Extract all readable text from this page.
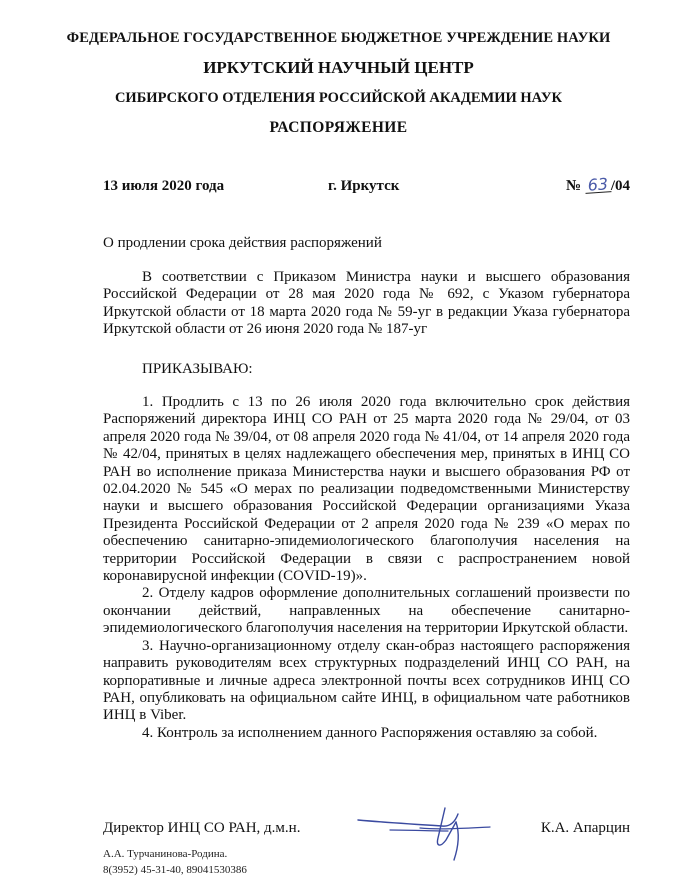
ФЕДЕРАЛЬНОЕ ГОСУДАРСТВЕННОЕ БЮДЖЕТНОЕ УЧРЕЖДЕНИЕ НАУКИ
ИРКУТСКИЙ НАУЧНЫЙ ЦЕНТР
СИБИРСКОГО ОТДЕЛЕНИЯ РОССИЙСКОЙ АКАДЕМИИ НАУК
РАСПОРЯЖЕНИЕ
13 июля 2020 года	г. Иркутск	№ 63 /04
О продлении срока действия распоряжений

В соответствии с Приказом Министра науки и высшего образования Российской Федерации от 28 мая 2020 года № 692, с Указом губернатора Иркутской области от 18 марта 2020 года № 59-уг в редакции Указа губернатора Иркутской области от 26 июня 2020 года № 187-уг

ПРИКАЗЫВАЮ:

1. Продлить с 13 по 26 июля 2020 года включительно срок действия Распоряжений директора ИНЦ СО РАН от 25 марта 2020 года № 29/04, от 03 апреля 2020 года № 39/04, от 08 апреля 2020 года № 41/04, от 14 апреля 2020 года № 42/04, принятых в целях надлежащего обеспечения мер, принятых в ИНЦ СО РАН во исполнение приказа Министерства науки и высшего образования РФ от 02.04.2020 № 545 «О мерах по реализации подведомственными Министерству науки и высшего образования Российской Федерации организациями Указа Президента Российской Федерации от 2 апреля 2020 года № 239 «О мерах по обеспечению санитарно-эпидемиологического благополучия населения на территории Российской Федерации в связи с распространением новой коронавирусной инфекции (COVID-19)».

2. Отделу кадров оформление дополнительных соглашений произвести по окончании действий, направленных на обеспечение санитарно-эпидемиологического благополучия населения на территории Иркутской области.

3. Научно-организационному отделу скан-образ настоящего распоряжения направить руководителям всех структурных подразделений ИНЦ СО РАН, на корпоративные и личные адреса электронной почты всех сотрудников ИНЦ СО РАН, опубликовать на официальном сайте ИНЦ, в официальном чате работников ИНЦ в Viber.

4. Контроль за исполнением данного Распоряжения оставляю за собой.

Директор ИНЦ СО РАН, д.м.н.	К.А. Апарцин
А.А. Турчанинова-Родина.
8(3952) 45-31-40, 89041530386
